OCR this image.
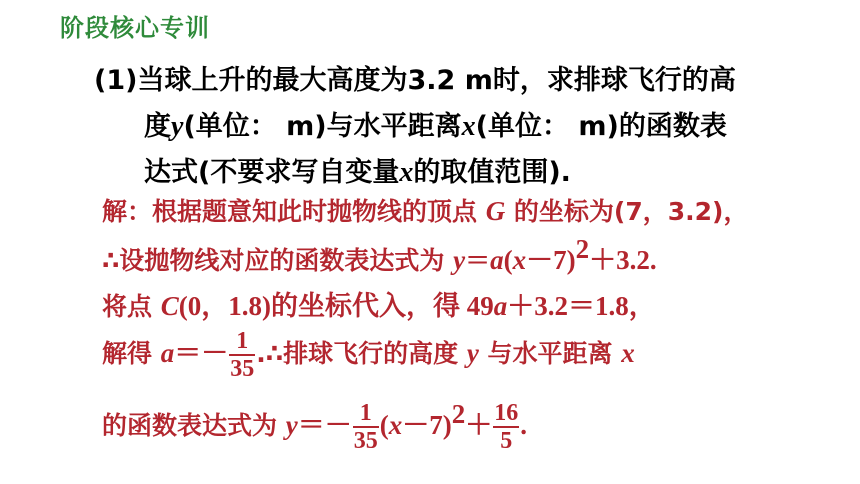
阶段核心专训
(1)当球上升的最大高度为3.2 m时，求排球飞行的高
度y(单位： m)与水平距离x(单位： m)的函数表
达式(不要求写自变量x的取值范围).
解：根据题意知此时抛物线的顶点 G 的坐标为(7，3.2)，
∴设抛物线对应的函数表达式为 y＝a(x－7)2＋3.2.
将点 C(0，1.8)的坐标代入，得 49a＋3.2＝1.8，
解得 $a=- \frac{1}{35}$ .∴排球飞行的高度 y 与水平距离 x
的函数表达式为 $y=- \frac{1}{35} (x-7)2+ \frac{16}{5}$ .
